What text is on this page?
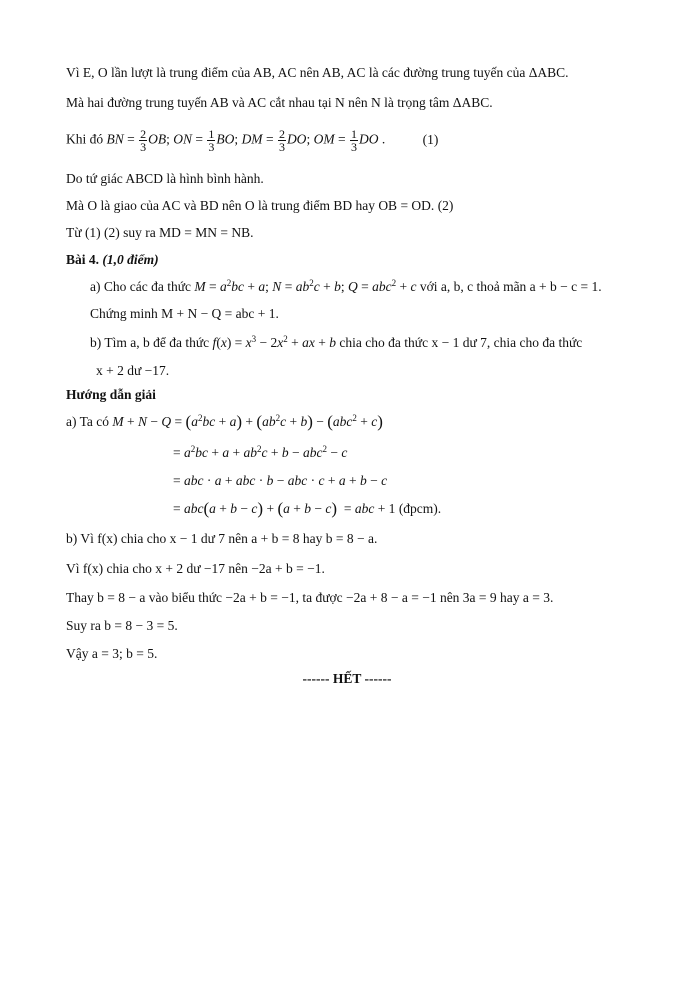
Vì E, O lần lượt là trung điểm của AB, AC nên AB, AC là các đường trung tuyến của ΔABC.
Mà hai đường trung tuyến AB và AC cắt nhau tại N nên N là trọng tâm ΔABC.
Khi đó BN = $\frac{2}{3}$ OB; ON = $\frac{1}{3}$ BO; DM = $\frac{2}{3}$ DO; OM = $\frac{1}{3}$ DO .	(1)
Do tứ giác ABCD là hình bình hành.
Mà O là giao của AC và BD nên O là trung điểm BD hay OB = OD. (2)
Từ (1) (2) suy ra MD = MN = NB.
Bài 4. (1,0 điểm)
a) Cho các đa thức $M = a^2bc + a$; $N = ab^2c + b$; Q = abc$^2$ + c với a, b, c thoả mãn a + b − c = 1.
Chứng minh M + N − Q = abc + 1.
b) Tìm a, b để đa thức $f(x) = x^3 - 2x^2$ + ax + b chia cho đa thức x − 1 dư 7, chia cho đa thức
x + 2 dư −17.
Hướng dẫn giải
a) Ta có $M + N - Q = (a^2bc + a) + (ab^2c + b) - (abc^2 + c)$
= $a^2bc + a + ab^2c + b - abc^2 - c$
= abc · a + abc · b − abc · c + a + b − c
= abc(a + b − c) + (a + b − c)  = abc + 1 (đpcm).
b) Vì f(x) chia cho x − 1 dư 7 nên a + b = 8 hay b = 8 − a.
Vì f(x) chia cho x + 2 dư −17 nên −2a + b = −1.
Thay b = 8 − a vào biểu thức −2a + b = −1, ta được −2a + 8 − a = −1 nên 3a = 9 hay a = 3.
Suy ra b = 8 − 3 = 5.
Vậy a = 3; b = 5.
------ HẾT ------
